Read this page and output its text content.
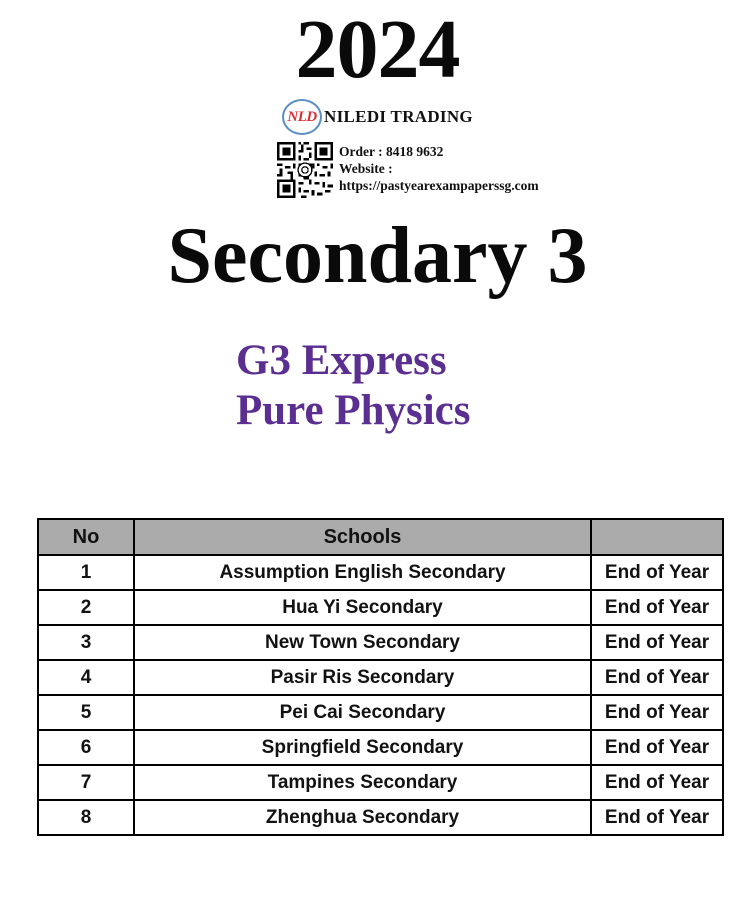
2024
NLD NILEDI TRADING
Order : 8418 9632
Website :
https://pastyearexampaperssg.com
Secondary 3
G3 Express
Pure Physics
No	Schools	
1	Assumption English Secondary	End of Year
2	Hua Yi Secondary	End of Year
3	New Town Secondary	End of Year
4	Pasir Ris Secondary	End of Year
5	Pei Cai Secondary	End of Year
6	Springfield Secondary	End of Year
7	Tampines Secondary	End of Year
8	Zhenghua Secondary	End of Year
